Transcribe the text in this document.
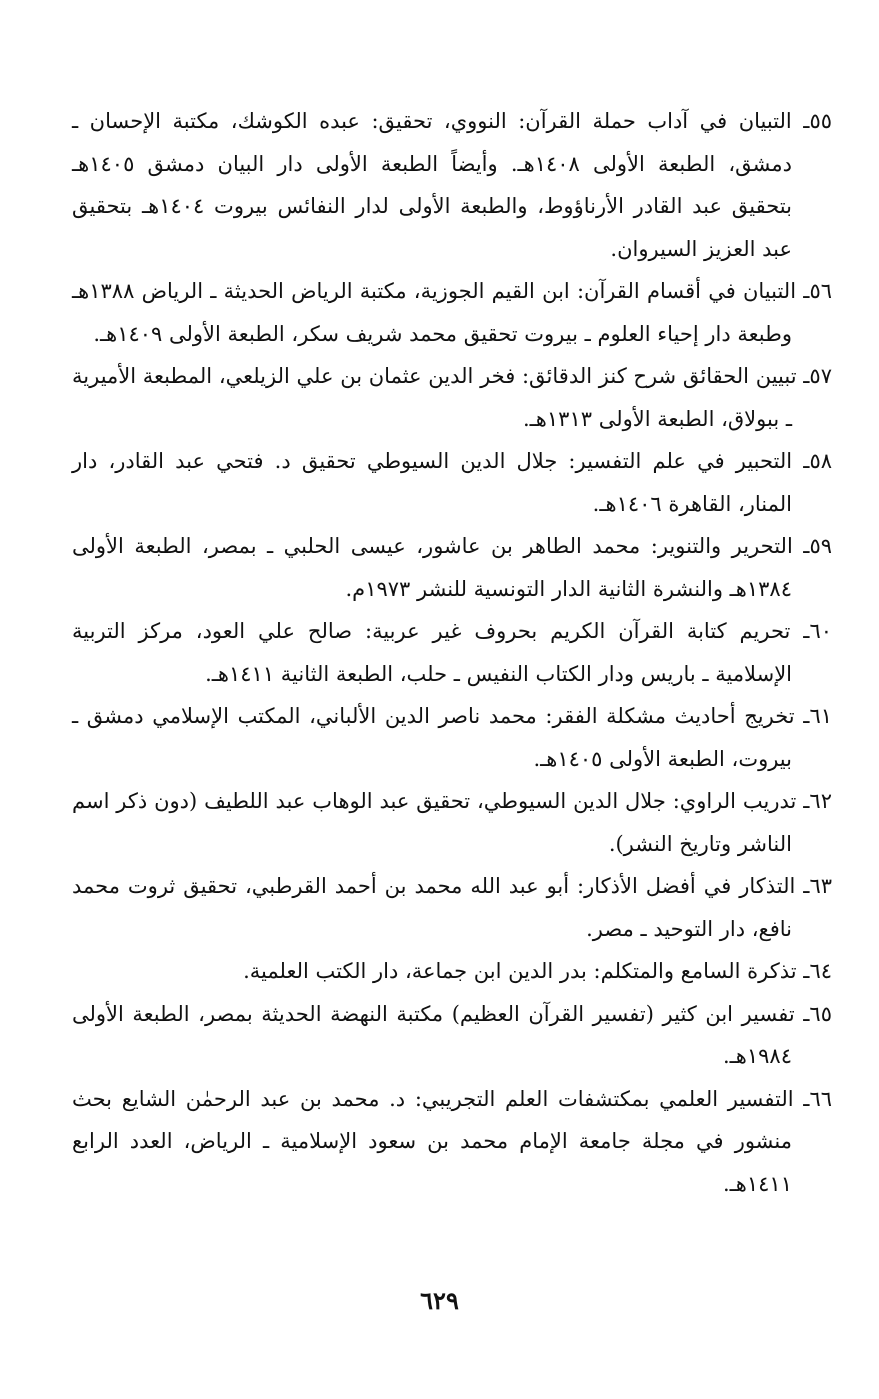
٥٥ـ التبيان في آداب حملة القرآن: النووي، تحقيق: عبده الكوشك، مكتبة الإحسان ـ دمشق، الطبعة الأولى ١٤٠٨هـ. وأيضاً الطبعة الأولى دار البيان دمشق ١٤٠٥هـ بتحقيق عبد القادر الأرناؤوط، والطبعة الأولى لدار النفائس بيروت ١٤٠٤هـ بتحقيق عبد العزيز السيروان.

٥٦ـ التبيان في أقسام القرآن: ابن القيم الجوزية، مكتبة الرياض الحديثة ـ الرياض ١٣٨٨هـ وطبعة دار إحياء العلوم ـ بيروت تحقيق محمد شريف سكر، الطبعة الأولى ١٤٠٩هـ.

٥٧ـ تبيين الحقائق شرح كنز الدقائق: فخر الدين عثمان بن علي الزيلعي، المطبعة الأميرية ـ ببولاق، الطبعة الأولى ١٣١٣هـ.

٥٨ـ التحبير في علم التفسير: جلال الدين السيوطي تحقيق د. فتحي عبد القادر، دار المنار، القاهرة ١٤٠٦هـ.

٥٩ـ التحرير والتنوير: محمد الطاهر بن عاشور، عيسى الحلبي ـ بمصر، الطبعة الأولى ١٣٨٤هـ والنشرة الثانية الدار التونسية للنشر ١٩٧٣م.

٦٠ـ تحريم كتابة القرآن الكريم بحروف غير عربية: صالح علي العود، مركز التربية الإسلامية ـ باريس ودار الكتاب النفيس ـ حلب، الطبعة الثانية ١٤١١هـ.

٦١ـ تخريج أحاديث مشكلة الفقر: محمد ناصر الدين الألباني، المكتب الإسلامي دمشق ـ بيروت، الطبعة الأولى ١٤٠٥هـ.

٦٢ـ تدريب الراوي: جلال الدين السيوطي، تحقيق عبد الوهاب عبد اللطيف (دون ذكر اسم الناشر وتاريخ النشر).

٦٣ـ التذكار في أفضل الأذكار: أبو عبد الله محمد بن أحمد القرطبي، تحقيق ثروت محمد نافع، دار التوحيد ـ مصر.

٦٤ـ تذكرة السامع والمتكلم: بدر الدين ابن جماعة، دار الكتب العلمية.

٦٥ـ تفسير ابن كثير (تفسير القرآن العظيم) مكتبة النهضة الحديثة بمصر، الطبعة الأولى ١٩٨٤هـ.

٦٦ـ التفسير العلمي بمكتشفات العلم التجريبي: د. محمد بن عبد الرحمٰن الشايع بحث منشور في مجلة جامعة الإمام محمد بن سعود الإسلامية ـ الرياض، العدد الرابع ١٤١١هـ.

٦٢٩
